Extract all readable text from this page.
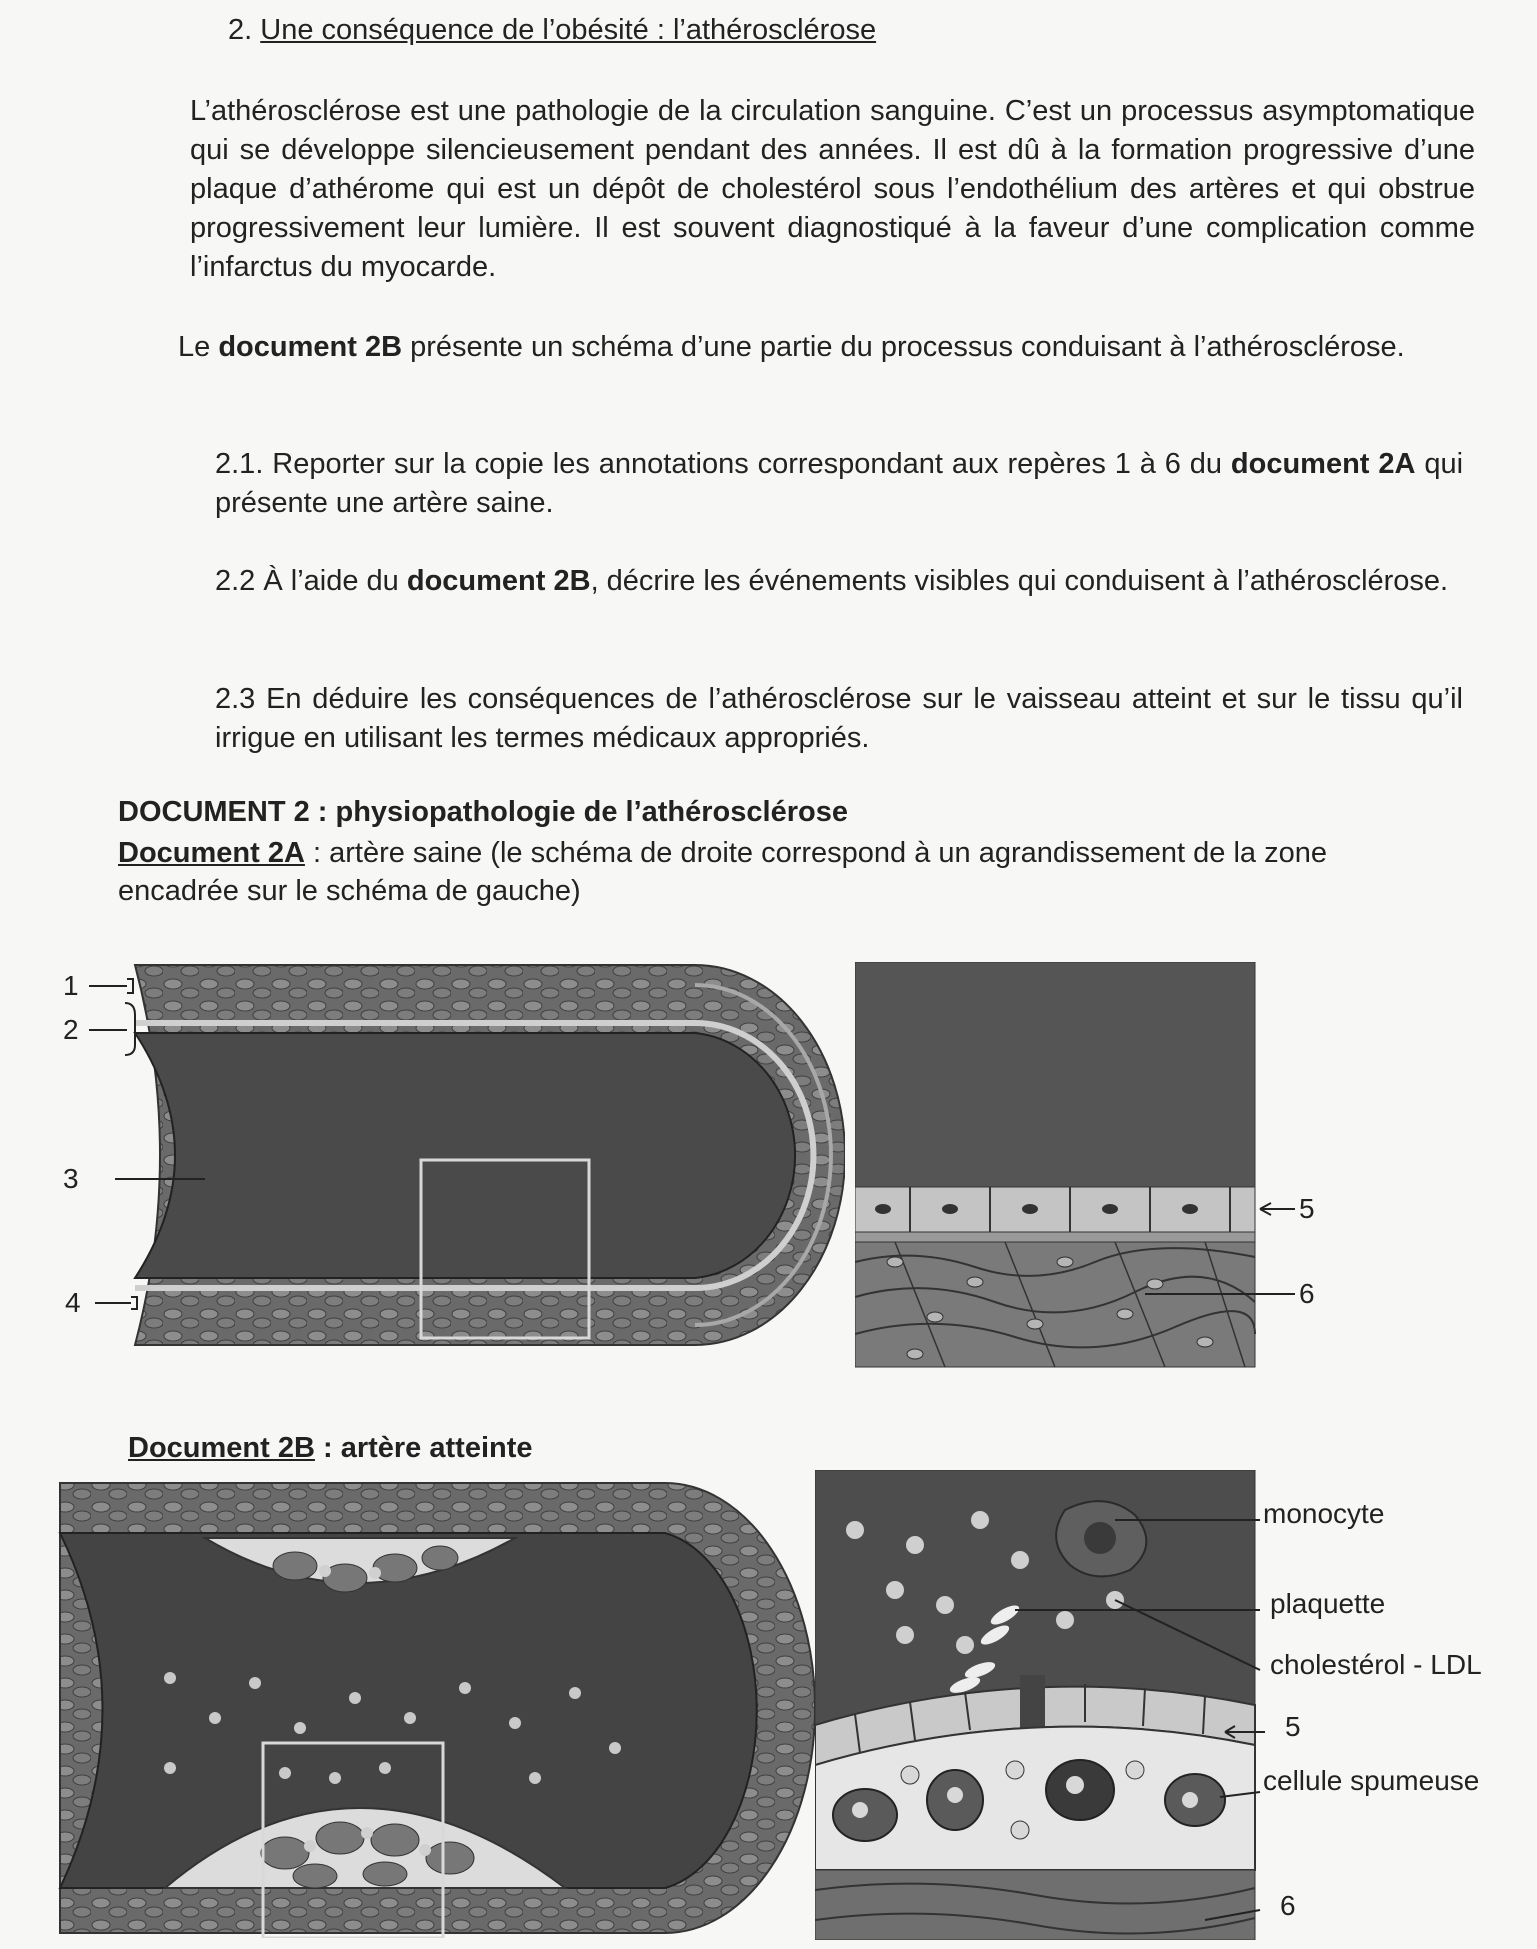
2. Une conséquence de l’obésité : l’athérosclérose
L’athérosclérose est une pathologie de la circulation sanguine. C’est un processus asymptomatique qui se développe silencieusement pendant des années. Il est dû à la formation progressive d’une plaque d’athérome qui est un dépôt de cholestérol sous l’endothélium des artères et qui obstrue progressivement leur lumière. Il est souvent diagnostiqué à la faveur d’une complication comme l’infarctus du myocarde.
Le document 2B présente un schéma d’une partie du processus conduisant à l’athérosclérose.
2.1. Reporter sur la copie les annotations correspondant aux repères 1 à 6 du document 2A qui présente une artère saine.
2.2 À l’aide du document 2B, décrire les événements visibles qui conduisent à l’athérosclérose.
2.3 En déduire les conséquences de l’athérosclérose sur le vaisseau atteint et sur le tissu qu’il irrigue en utilisant les termes médicaux appropriés.
DOCUMENT 2 : physiopathologie de l’athérosclérose
Document 2A : artère saine (le schéma de droite correspond à un agrandissement de la zone encadrée sur le schéma de gauche)
1
2
3
4
5
6
Document 2B : artère atteinte
monocyte
plaquette
cholestérol - LDL
5
cellule spumeuse
6
